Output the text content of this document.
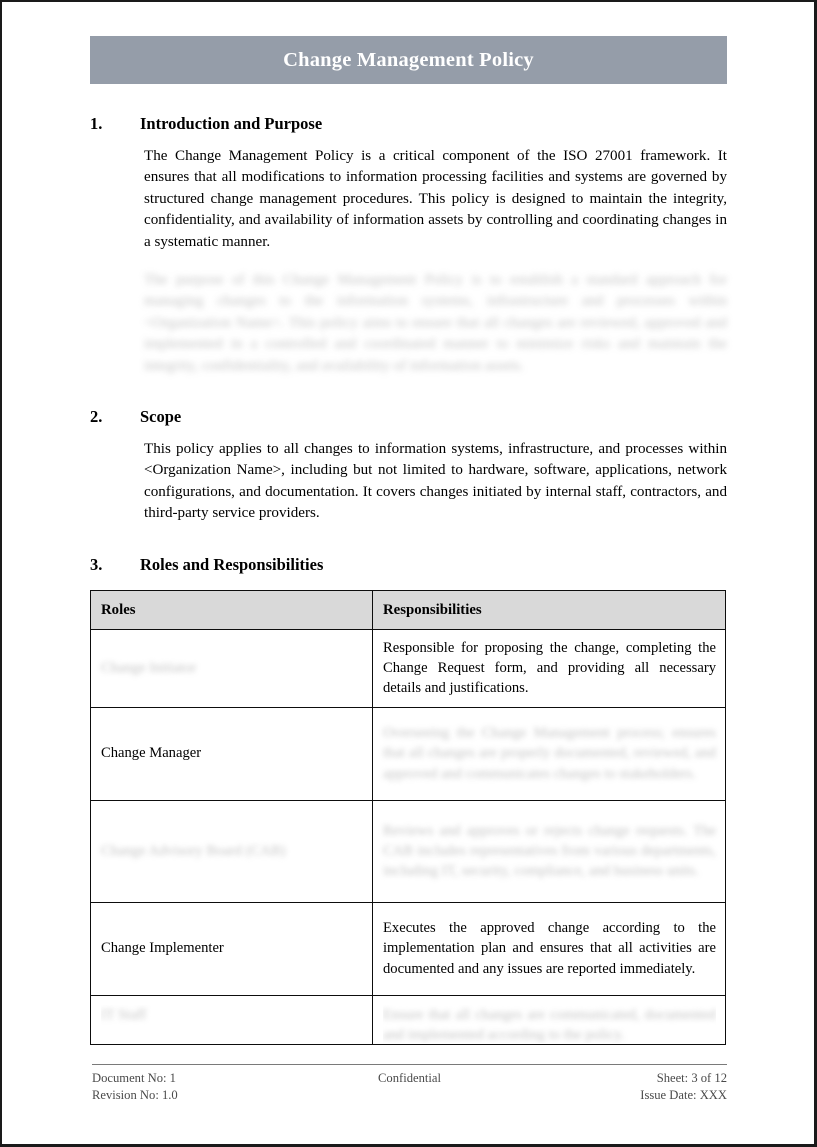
Change Management Policy
1.	Introduction and Purpose

The Change Management Policy is a critical component of the ISO 27001 framework. It ensures that all modifications to information processing facilities and systems are governed by structured change management procedures. This policy is designed to maintain the integrity, confidentiality, and availability of information assets by controlling and coordinating changes in a systematic manner.

The purpose of this Change Management Policy is to establish a standard approach for managing changes to the information systems, infrastructure and processes within <Organization Name>. This policy aims to ensure that all changes are reviewed, approved and implemented in a controlled and coordinated manner to minimize risks and maintain the integrity, confidentiality, and availability of information assets.

2.	Scope

This policy applies to all changes to information systems, infrastructure, and processes within <Organization Name>, including but not limited to hardware, software, applications, network configurations, and documentation. It covers changes initiated by internal staff, contractors, and third-party service providers.

3.	Roles and Responsibilities
Roles	Responsibilities
Change Initiator	Responsible for proposing the change, completing the Change Request form, and providing all necessary details and justifications.
Change Manager	Overseeing the Change Management process; ensures that all changes are properly documented, reviewed, and approved and communicates changes to stakeholders.
Change Advisory Board (CAB)	Reviews and approves or rejects change requests. The CAB includes representatives from various departments, including IT, security, compliance, and business units.
Change Implementer	Executes the approved change according to the implementation plan and ensures that all activities are documented and any issues are reported immediately.

IT Staff	Ensure that all changes are communicated, documented and implemented according to the policy.
Document No: 1	Confidential	Sheet: 3 of 12
Revision No: 1.0	Issue Date: XXX
